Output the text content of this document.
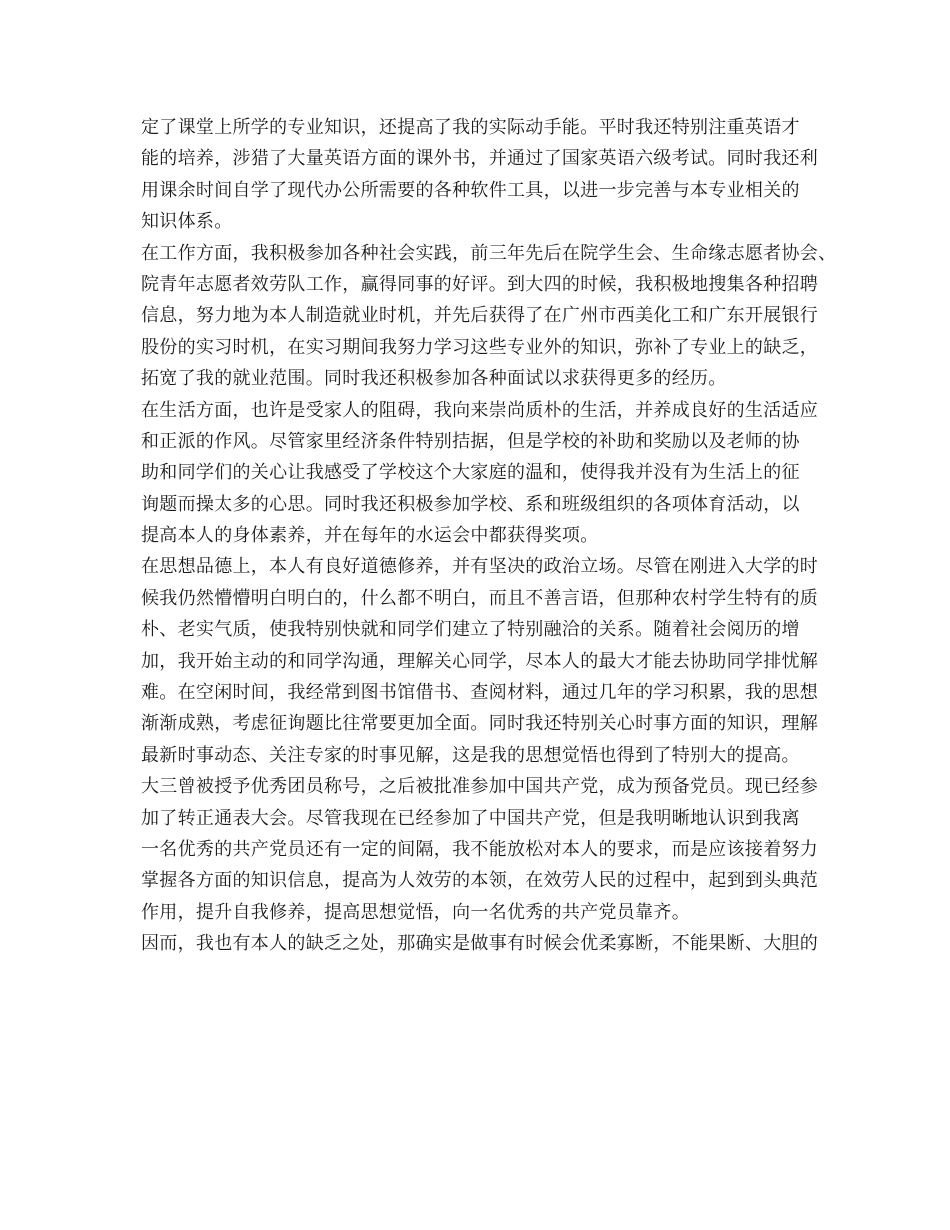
定了课堂上所学的专业知识，还提高了我的实际动手能。平时我还特别注重英语才
能的培养，涉猎了大量英语方面的课外书，并通过了国家英语六级考试。同时我还利
用课余时间自学了现代办公所需要的各种软件工具，以进一步完善与本专业相关的
知识体系。
在工作方面，我积极参加各种社会实践，前三年先后在院学生会、生命缘志愿者协会、
院青年志愿者效劳队工作，赢得同事的好评。到大四的时候，我积极地搜集各种招聘
信息，努力地为本人制造就业时机，并先后获得了在广州市西美化工和广东开展银行
股份的实习时机，在实习期间我努力学习这些专业外的知识，弥补了专业上的缺乏，
拓宽了我的就业范围。同时我还积极参加各种面试以求获得更多的经历。
在生活方面，也许是受家人的阻碍，我向来崇尚质朴的生活，并养成良好的生活适应
和正派的作风。尽管家里经济条件特别拮据，但是学校的补助和奖励以及老师的协
助和同学们的关心让我感受了学校这个大家庭的温和，使得我并没有为生活上的征
询题而操太多的心思。同时我还积极参加学校、系和班级组织的各项体育活动，以
提高本人的身体素养，并在每年的水运会中都获得奖项。
在思想品德上，本人有良好道德修养，并有坚决的政治立场。尽管在刚进入大学的时
候我仍然懵懵明白明白的，什么都不明白，而且不善言语，但那种农村学生特有的质
朴、老实气质，使我特别快就和同学们建立了特别融洽的关系。随着社会阅历的增
加，我开始主动的和同学沟通，理解关心同学，尽本人的最大才能去协助同学排忧解
难。在空闲时间，我经常到图书馆借书、查阅材料，通过几年的学习积累，我的思想
渐渐成熟，考虑征询题比往常要更加全面。同时我还特别关心时事方面的知识，理解
最新时事动态、关注专家的时事见解，这是我的思想觉悟也得到了特别大的提高。
大三曾被授予优秀团员称号，之后被批准参加中国共产党，成为预备党员。现已经参
加了转正通表大会。尽管我现在已经参加了中国共产党，但是我明晰地认识到我离
一名优秀的共产党员还有一定的间隔，我不能放松对本人的要求，而是应该接着努力
掌握各方面的知识信息，提高为人效劳的本领，在效劳人民的过程中，起到到头典范
作用，提升自我修养，提高思想觉悟，向一名优秀的共产党员靠齐。
因而，我也有本人的缺乏之处，那确实是做事有时候会优柔寡断，不能果断、大胆的
